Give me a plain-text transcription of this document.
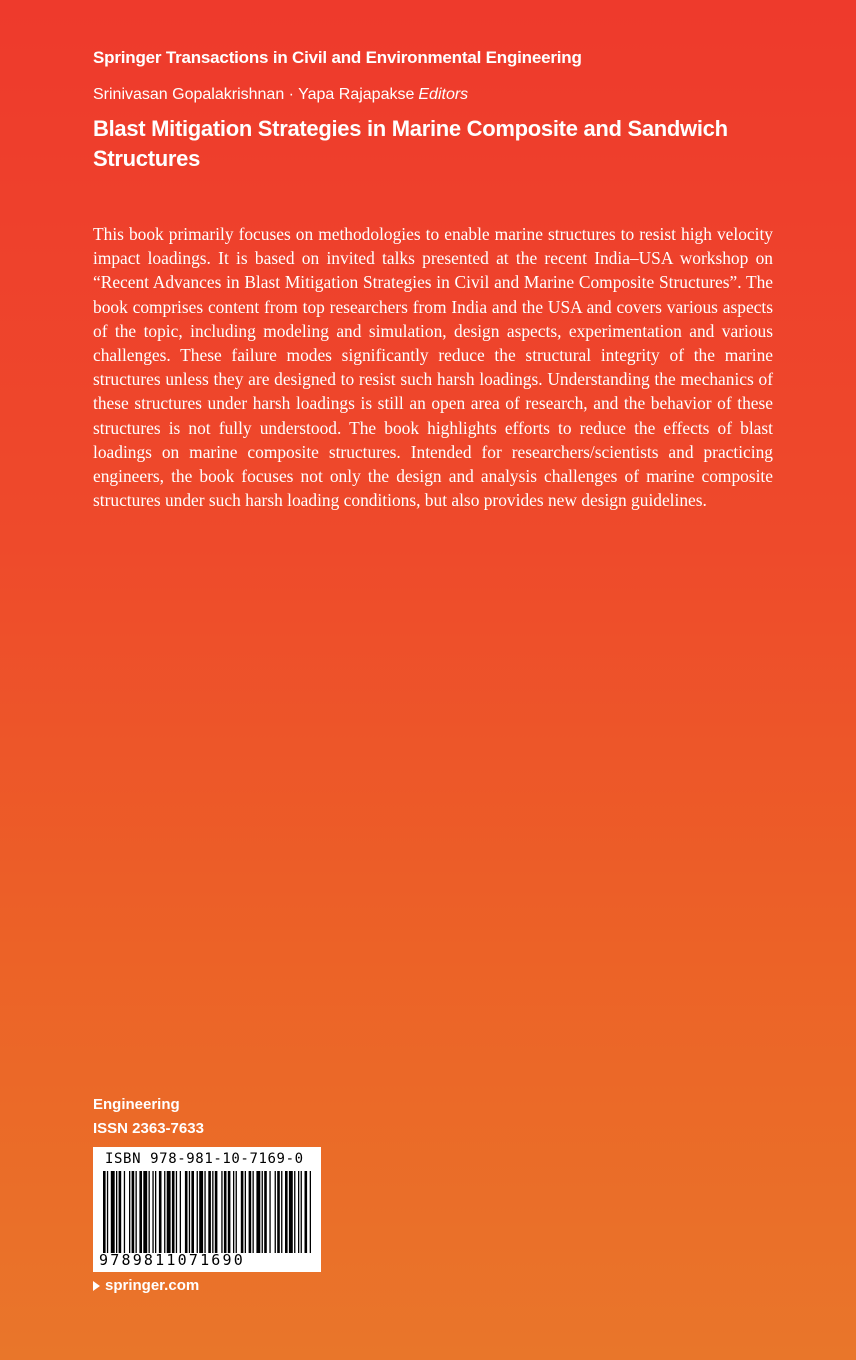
Springer Transactions in Civil and Environmental Engineering
Srinivasan Gopalakrishnan · Yapa Rajapakse Editors
Blast Mitigation Strategies in Marine Composite and Sandwich Structures
This book primarily focuses on methodologies to enable marine structures to resist high velocity impact loadings. It is based on invited talks presented at the recent India–USA workshop on “Recent Advances in Blast Mitigation Strategies in Civil and Marine Composite Structures”. The book comprises content from top researchers from India and the USA and covers various aspects of the topic, including modeling and simulation, design aspects, experimentation and various challenges. These failure modes significantly reduce the structural integrity of the marine structures unless they are designed to resist such harsh loadings. Understanding the mechanics of these structures under harsh loadings is still an open area of research, and the behavior of these structures is not fully understood. The book highlights efforts to reduce the effects of blast loadings on marine composite structures. Intended for researchers/scientists and practicing engineers, the book focuses not only the design and analysis challenges of marine composite structures under such harsh loading conditions, but also provides new design guidelines.
Engineering
ISSN 2363-7633
ISBN 978-981-10-7169-0
9789811071690
springer.com
